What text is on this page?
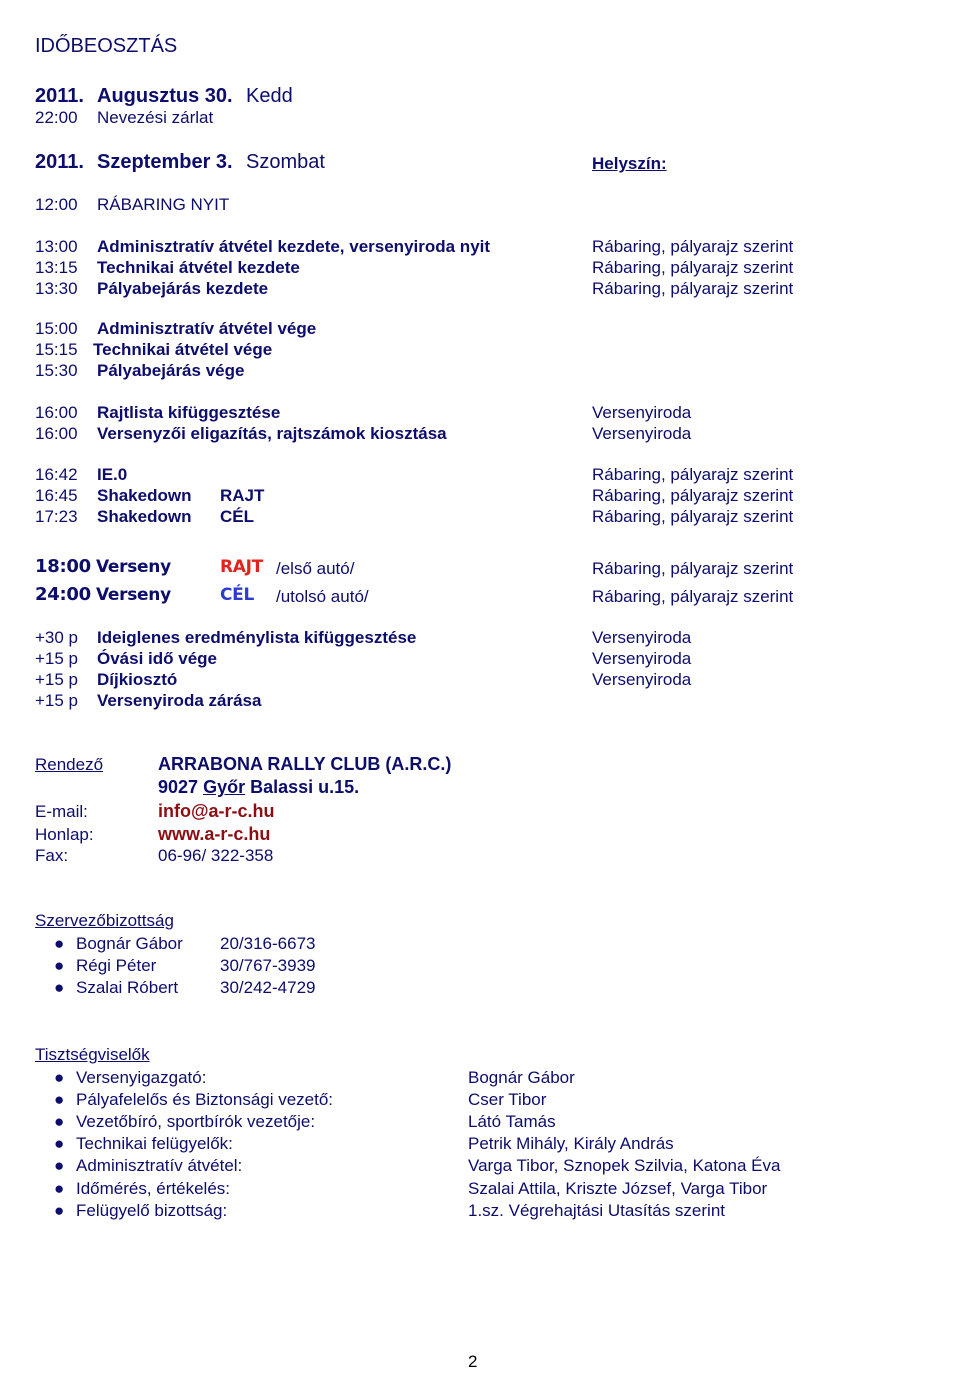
IDŐBEOSZTÁS
2011. Augusztus 30. Kedd
22:00 Nevezési zárlat
2011. Szeptember 3. Szombat	Helyszín:
12:00 RÁBARING NYIT
13:00 Adminisztratív átvétel kezdete, versenyiroda nyit	Rábaring, pályarajz szerint
13:15 Technikai átvétel kezdete	Rábaring, pályarajz szerint
13:30 Pályabejárás kezdete	Rábaring, pályarajz szerint
15:00 Adminisztratív átvétel vége
15:15 Technikai átvétel vége
15:30 Pályabejárás vége
16:00 Rajtlista kifüggesztése	Versenyiroda
16:00 Versenyzői eligazítás, rajtszámok kiosztása	Versenyiroda
16:42 IE.0	Rábaring, pályarajz szerint
16:45 Shakedown RAJT	Rábaring, pályarajz szerint
17:23 Shakedown CÉL	Rábaring, pályarajz szerint
18:00 Verseny	RAJT /első autó/	Rábaring, pályarajz szerint
24:00 Verseny	CÉL /utolsó autó/	Rábaring, pályarajz szerint
+30 p Ideiglenes eredménylista kifüggesztése	Versenyiroda
+15 p Óvási idő vége	Versenyiroda
+15 p Díjkiosztó	Versenyiroda
+15 p Versenyiroda zárása
Rendező	ARRABONA RALLY CLUB (A.R.C.)
9027 Győr Balassi u.15.
E-mail:	info@a-r-c.hu
Honlap:	www.a-r-c.hu
Fax:	06-96/ 322-358
Szervezőbizottság
● Bognár Gábor 20/316-6673
● Régi Péter	30/767-3939
● Szalai Róbert 30/242-4729
Tisztségviselők
● Versenyigazgató:	Bognár Gábor
● Pályafelelős és Biztonsági vezető:	Cser Tibor
● Vezetőbíró, sportbírók vezetője:	Látó Tamás
● Technikai felügyelők:	Petrik Mihály, Király András
● Adminisztratív átvétel:	Varga Tibor, Sznopek Szilvia, Katona Éva
● Időmérés, értékelés:	Szalai Attila, Kriszte József, Varga Tibor
● Felügyelő bizottság:	1.sz. Végrehajtási Utasítás szerint
2
